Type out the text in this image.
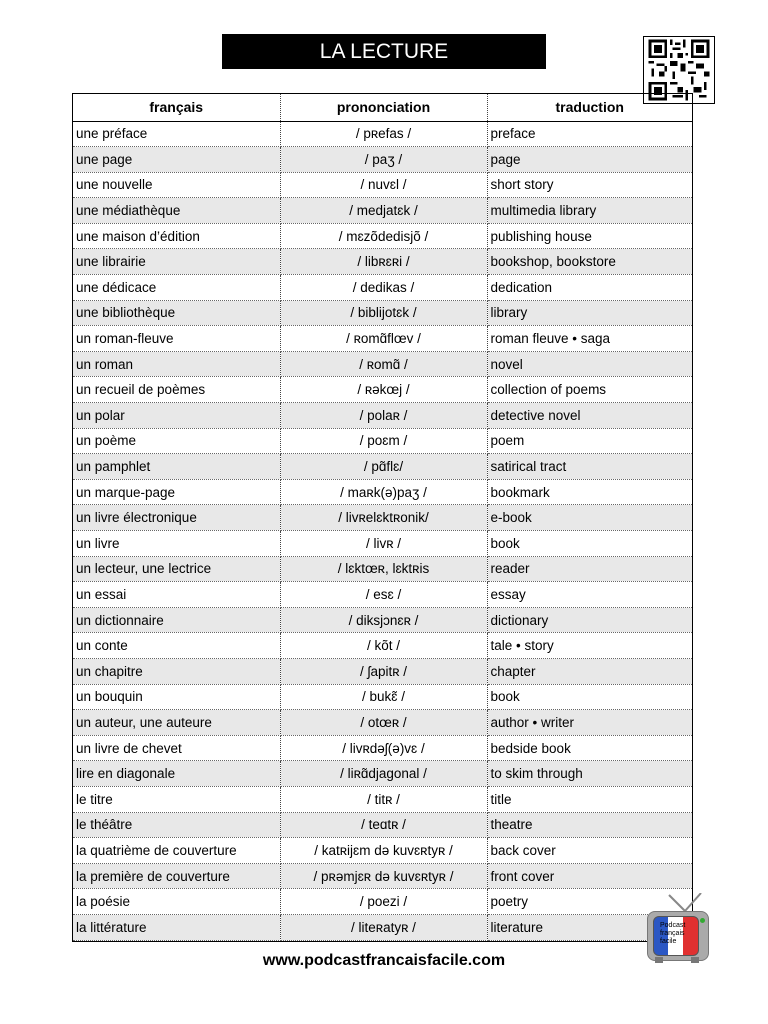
LA LECTURE
français	prononciation	traduction
une préface	/ pʀefas /	preface
une page	/ paʒ /	page
une nouvelle	/ nuvɛl /	short story
une médiathèque	/ medjatɛk /	multimedia library
une maison d’édition	/ mɛzõdedisjõ /	publishing house
une librairie	/ libʀɛʀi /	bookshop, bookstore
une dédicace	/ dedikas /	dedication
une bibliothèque	/ biblijotɛk /	library
un roman-fleuve	/ ʀomɑ̃flœv /	roman fleuve • saga
un roman	/ ʀomɑ̃ /	novel
un recueil de poèmes	/ ʀəkœj /	collection of poems
un polar	/ polaʀ /	detective novel
un poème	/ poɛm /	poem
un pamphlet	/ pɑ̃flɛ/	satirical tract
un marque-page	/ maʀk(ə)paʒ /	bookmark
un livre électronique	/ livʀelɛktʀonik/	e-book
un livre	/ livʀ /	book
un lecteur, une lectrice	/ lɛktœʀ, lɛktʀis	reader
un essai	/ esɛ /	essay
un dictionnaire	/ diksjɔnɛʀ /	dictionary
un conte	/ kõt /	tale • story
un chapitre	/ ʃapitʀ /	chapter
un bouquin	/ bukɛ̃ /	book
un auteur, une auteure	/ otœʀ /	author • writer
un livre de chevet	/ livʀdəʃ(ə)vɛ /	bedside book
lire en diagonale	/ liʀɑ̃djagonal /	to skim through
le titre	/ titʀ /	title
le théâtre	/ teɑtʀ /	theatre
la quatrième de couverture	/ katʀijɛm də kuvɛʀtyʀ /	back cover
la première de couverture	/ pʀəmjɛʀ də kuvɛʀtyʀ /	front cover
la poésie	/ poezi /	poetry
la littérature	/ liteʀatyʀ /	literature
www.podcastfrancaisfacile.com
Podcast français facile
